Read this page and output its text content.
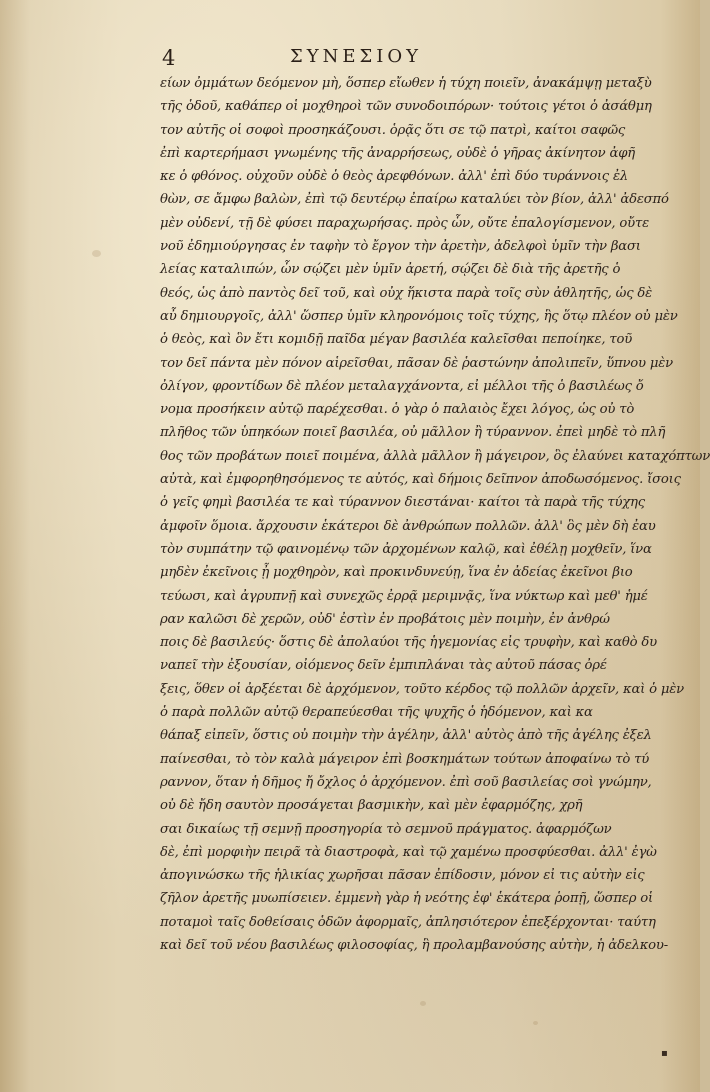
4	ΣΥΝΕΣΙΟΥ
είων ὀμμάτων δεόμενον μὴ, ὅσπερ εἴωθεν ἡ τύχη ποιεῖν, ἀνακάμψῃ μεταξὺ
τῆς ὁδοῦ, καθάπερ οἱ μοχθηροὶ τῶν συνοδοιπόρων· τούτοις γέτοι ὁ ἀσάθμη
τον αὐτῆς οἱ σοφοὶ προσηκάζουσι. ὁρᾷς ὅτι σε τῷ πατρὶ, καίτοι σαφῶς
ἐπὶ καρτερήμασι γνωμένης τῆς ἀναρρήσεως, οὐδὲ ὁ γῆρας ἀκίνητον ἀφῆ
κε ὁ φθόνος. οὐχοῦν οὐδὲ ὁ θεὸς ἀρεφθόνων. ἀλλ' ἐπὶ δύο τυράννοις ἐλ
θὼν, σε ἄμφω βαλὼν, ἐπὶ τῷ δευτέρῳ ἐπαίρω καταλύει τὸν βίον, ἀλλ' ἀδεσπό
μὲν οὐδενί, τῇ δὲ φύσει παραχωρήσας. πρὸς ὧν, οὔτε ἐπαλογίσμενον, οὔτε
νοῦ ἐδημιούργησας ἐν ταφὴν τὸ ἔργον τὴν ἀρετὴν, ἀδελφοὶ ὑμῖν τὴν βασι
λείας καταλιπών, ὧν σῴζει μὲν ὑμῖν ἀρετή, σῴζει δὲ διὰ τῆς ἀρετῆς ὁ
θεός, ὡς ἀπὸ παντὸς δεῖ τοῦ, καὶ οὐχ ἥκιστα παρὰ τοῖς σὺν ἀθλητῆς, ὡς δὲ
αὖ δημιουργοῖς, ἀλλ' ὥσπερ ὑμῖν κληρονόμοις τοῖς τύχης, ἣς ὅτῳ πλέον οὐ μὲν
ὁ θεὸς, καὶ ὃν ἔτι κομιδῇ παῖδα μέγαν βασιλέα καλεῖσθαι πεποίηκε, τοῦ
τον δεῖ πάντα μὲν πόνον αἱρεῖσθαι, πᾶσαν δὲ ῥαστώνην ἀπολιπεῖν, ὕπνου μὲν
ὀλίγον, φροντίδων δὲ πλέον μεταλαγχάνοντα, εἰ μέλλοι τῆς ὁ βασιλέως ὄ
νομα προσήκειν αὐτῷ παρέχεσθαι. ὁ γὰρ ὁ παλαιὸς ἔχει λόγος, ὡς οὐ τὸ
πλῆθος τῶν ὑπηκόων ποιεῖ βασιλέα, οὐ μᾶλλον ἢ τύραννον. ἐπεὶ μηδὲ τὸ πλῆ
θος τῶν προβάτων ποιεῖ ποιμένα, ἀλλὰ μᾶλλον ἢ μάγειρον, ὃς ἐλαύνει καταχόπτων
αὐτὰ, καὶ ἐμφορηθησόμενος τε αὐτός, καὶ δήμοις δεῖπνον ἀποδωσόμενος. ἴσοις
ὁ γεῖς φημὶ βασιλέα τε καὶ τύραννον διεστάναι· καίτοι τὰ παρὰ τῆς τύχης
ἀμφοῖν ὅμοια. ἄρχουσιν ἑκάτεροι δὲ ἀνθρώπων πολλῶν. ἀλλ' ὃς μὲν δὴ ἐαυ
τὸν συμπάτην τῷ φαινομένῳ τῶν ἀρχομένων καλῷ, καὶ ἐθέλῃ μοχθεῖν, ἵνα
μηδὲν ἐκεῖνοις ᾖ μοχθηρὸν, καὶ προκινδυνεύῃ, ἵνα ἐν ἀδείας ἐκεῖνοι βιο
τεύωσι, καὶ ἀγρυπνῇ καὶ συνεχῶς ἐρρᾷ μεριμνᾷς, ἵνα νύκτωρ καὶ μεθ' ἡμέ
ραν καλῶσι δὲ χερῶν, οὐδ' ἐστὶν ἐν προβάτοις μὲν ποιμὴν, ἐν ἀνθρώ
ποις δὲ βασιλεύς· ὅστις δὲ ἀπολαύοι τῆς ἡγεμονίας εἰς τρυφὴν, καὶ καθὸ δυ
ναπεῖ τὴν ἐξουσίαν, οἰόμενος δεῖν ἐμπιπλάναι τὰς αὐτοῦ πάσας ὀρέ
ξεις, ὅθεν οἱ ἀρξέεται δὲ ἀρχόμενον, τοῦτο κέρδος τῷ πολλῶν ἀρχεῖν, καὶ ὁ μὲν
ὁ παρὰ πολλῶν αὐτῷ θεραπεύεσθαι τῆς ψυχῆς ὁ ἡδόμενον, καὶ κα
θάπαξ εἰπεῖν, ὅστις οὐ ποιμὴν τὴν ἀγέλην, ἀλλ' αὐτὸς ἀπὸ τῆς ἀγέλης ἐξελ
παίνεσθαι, τὸ τὸν καλὰ μάγειρον ἐπὶ βοσκημάτων τούτων ἀποφαίνω τὸ τύ
ραννον, ὅταν ἡ δῆμος ἤ ὄχλος ὁ ἀρχόμενον. ἐπὶ σοῦ βασιλείας σοὶ γνώμην,
οὐ δὲ ἤδη σαυτὸν προσάγεται βασμικὴν, καὶ μὲν ἐφαρμόζης, χρῆ
σαι δικαίως τῇ σεμνῇ προσηγορία τὸ σεμνοῦ πράγματος. ἀφαρμόζων
δὲ, ἐπὶ μορφιὴν πειρᾶ τὰ διαστροφὰ, καὶ τῷ χαμένω προσφύεσθαι. ἀλλ' ἐγὼ
ἀπογινώσκω τῆς ἡλικίας χωρῆσαι πᾶσαν ἐπίδοσιν, μόνον εἰ τις αὐτὴν εἰς
ζῆλον ἀρετῆς μυωπίσειεν. ἐμμενὴ γὰρ ἡ νεότης ἐφ' ἑκάτερα ῥοπῇ, ὥσπερ οἱ
ποταμοὶ ταῖς δοθείσαις ὁδῶν ἀφορμαῖς, ἀπλησιότερον ἐπεξέρχονται· ταύτη
καὶ δεῖ τοῦ νέου βασιλέως φιλοσοφίας, ἣ προλαμβανούσης αὐτὴν, ἡ ἀδελκου-
▪
